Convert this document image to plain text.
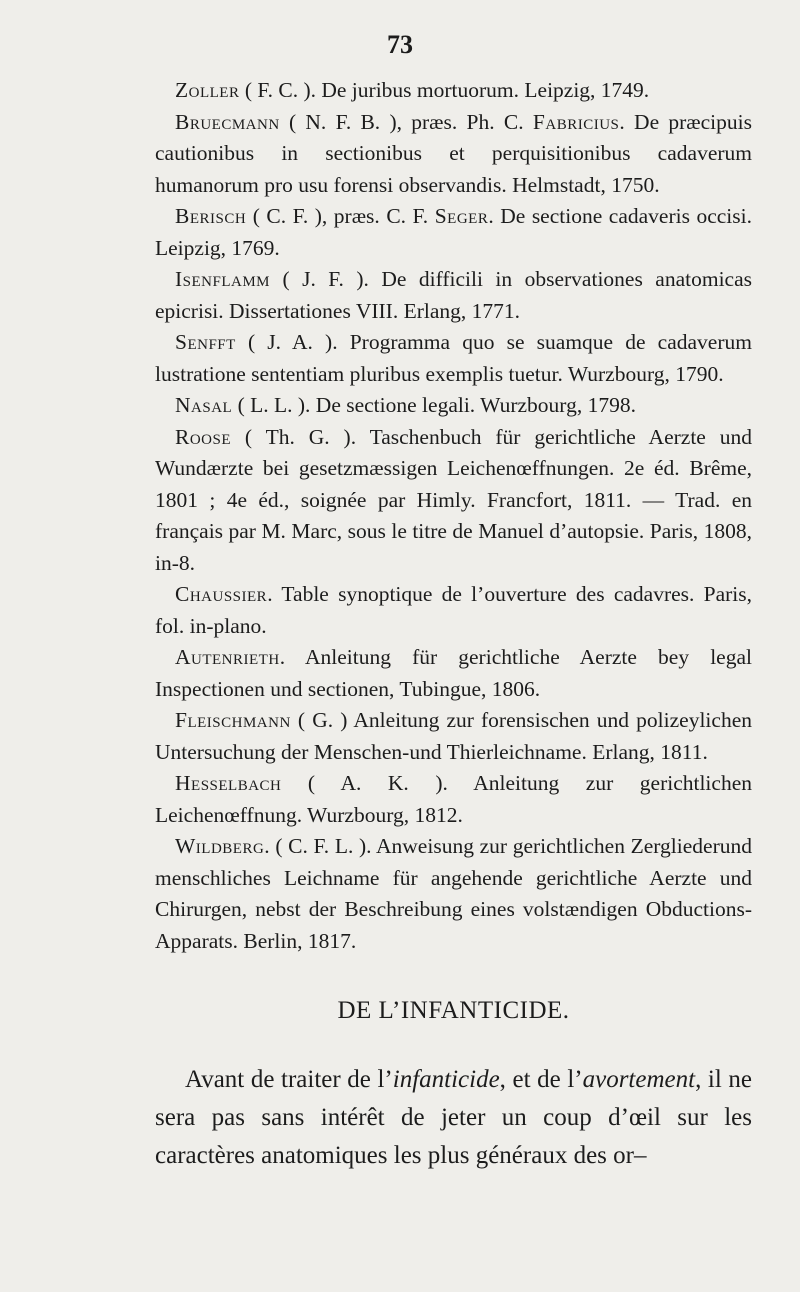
73

Zoller ( F. C. ). De juribus mortuorum. Leipzig, 1749.

Bruecmann ( N. F. B. ), præs. Ph. C. Fabricius. De præcipuis cautionibus in sectionibus et perquisitionibus cadaverum humanorum pro usu forensi observandis. Helmstadt, 1750.

Berisch ( C. F. ), præs. C. F. Seger. De sectione cadaveris occisi. Leipzig, 1769.

Isenflamm ( J. F. ). De difficili in observationes anatomicas epicrisi. Dissertationes VIII. Erlang, 1771.

Senfft ( J. A. ). Programma quo se suamque de cadaverum lustratione sententiam pluribus exemplis tuetur. Wurzbourg, 1790.

Nasal ( L. L. ). De sectione legali. Wurzbourg, 1798.

Roose ( Th. G. ). Taschenbuch für gerichtliche Aerzte und Wundærzte bei gesetzmæssigen Leichenœffnungen. 2e éd. Brême, 1801 ; 4e éd., soignée par Himly. Francfort, 1811. — Trad. en français par M. Marc, sous le titre de Manuel d’autopsie. Paris, 1808, in-8.

Chaussier. Table synoptique de l’ouverture des cadavres. Paris, fol. in-plano.

Autenrieth. Anleitung für gerichtliche Aerzte bey legal Inspectionen und sectionen, Tubingue, 1806.

Fleischmann ( G. ) Anleitung zur forensischen und polizeylichen Untersuchung der Menschen-und Thierleichname. Erlang, 1811.

Hesselbach ( A. K. ). Anleitung zur gerichtlichen Leichenœffnung. Wurzbourg, 1812.

Wildberg. ( C. F. L. ). Anweisung zur gerichtlichen Zergliederund menschliches Leichname für angehende gerichtliche Aerzte und Chirurgen, nebst der Beschreibung eines volstændigen Obductions-Apparats. Berlin, 1817.

DE L’INFANTICIDE.

Avant de traiter de l’infanticide, et de l’avortement, il ne sera pas sans intérêt de jeter un coup d’œil sur les caractères anatomiques les plus généraux des or–
